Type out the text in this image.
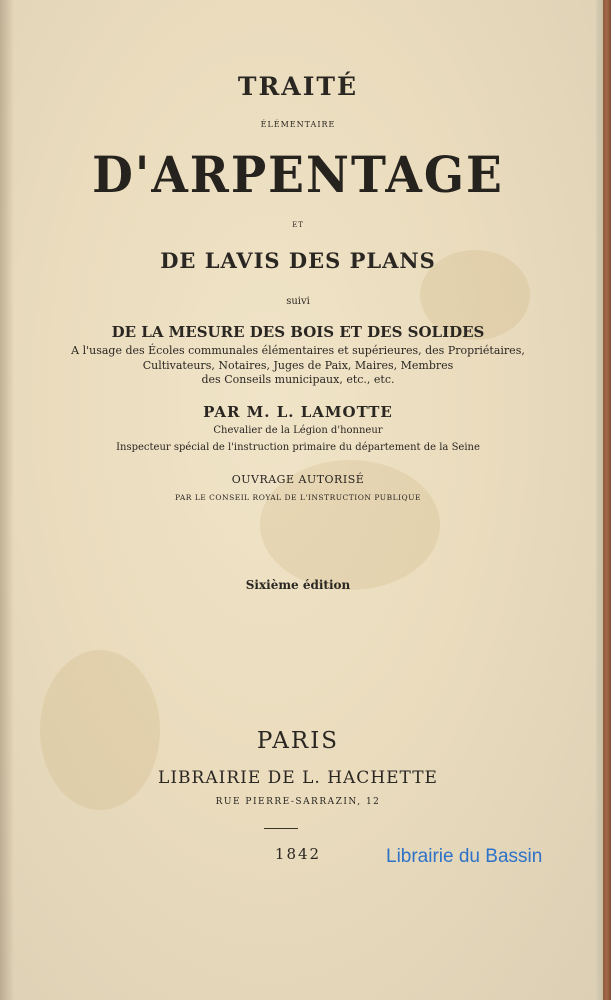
TRAITÉ
ÉLÉMENTAIRE
D'ARPENTAGE
ET
DE LAVIS DES PLANS
suivi
DE LA MESURE DES BOIS ET DES SOLIDES
A l'usage des Écoles communales élémentaires et supérieures, des Propriétaires,
Cultivateurs, Notaires, Juges de Paix, Maires, Membres
des Conseils municipaux, etc., etc.
PAR M. L. LAMOTTE
Chevalier de la Légion d'honneur
Inspecteur spécial de l'instruction primaire du département de la Seine
OUVRAGE AUTORISÉ
PAR LE CONSEIL ROYAL DE L'INSTRUCTION PUBLIQUE
Sixième édition
PARIS
LIBRAIRIE DE L. HACHETTE
RUE PIERRE-SARRAZIN, 12
1842	Librairie du Bassin
